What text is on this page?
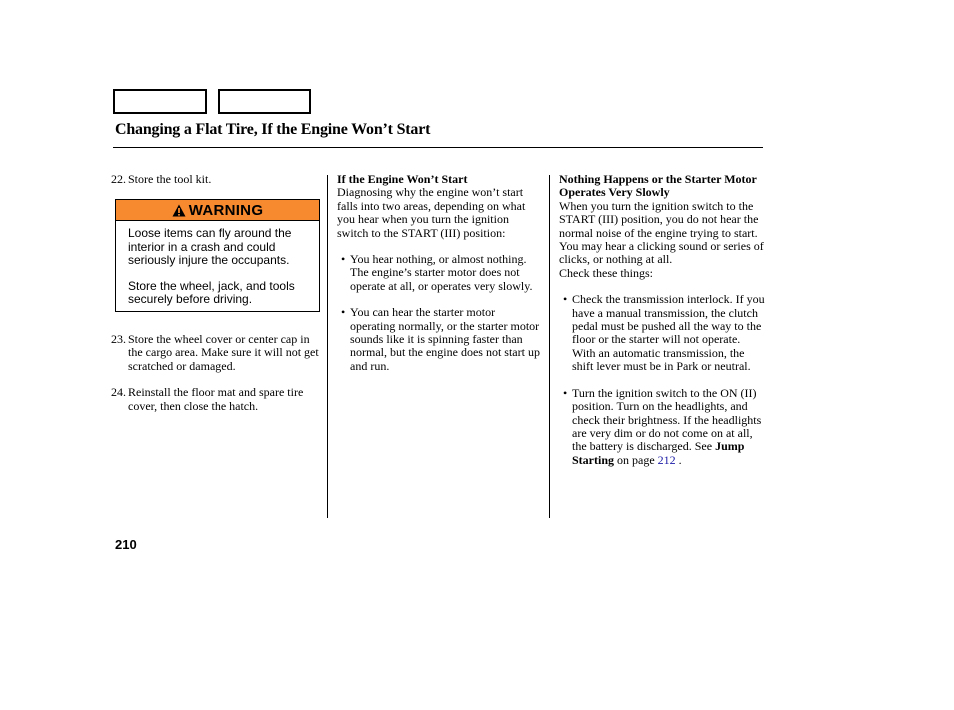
Changing a Flat Tire, If the Engine Won’t Start
22. Store the tool kit.
WARNING

Loose items can fly around the interior in a crash and could seriously injure the occupants.

Store the wheel, jack, and tools securely before driving.

23. Store the wheel cover or center cap in the cargo area. Make sure it will not get scratched or damaged.
24. Reinstall the floor mat and spare tire cover, then close the hatch.

If the Engine Won’t Start

Diagnosing why the engine won’t start falls into two areas, depending on what you hear when you turn the ignition switch to the START (III) position:

• You hear nothing, or almost nothing. The engine’s starter motor does not operate at all, or operates very slowly.
• You can hear the starter motor operating normally, or the starter motor sounds like it is spinning faster than normal, but the engine does not start up and run.

Nothing Happens or the Starter Motor Operates Very Slowly

When you turn the ignition switch to the START (III) position, you do not hear the normal noise of the engine trying to start. You may hear a clicking sound or series of clicks, or nothing at all.

Check these things:

• Check the transmission interlock. If you have a manual transmission, the clutch pedal must be pushed all the way to the floor or the starter will not operate. With an automatic transmission, the shift lever must be in Park or neutral.
• Turn the ignition switch to the ON (II) position. Turn on the headlights, and check their brightness. If the headlights are very dim or do not come on at all, the battery is discharged. See Jump Starting on page 212 .
210
